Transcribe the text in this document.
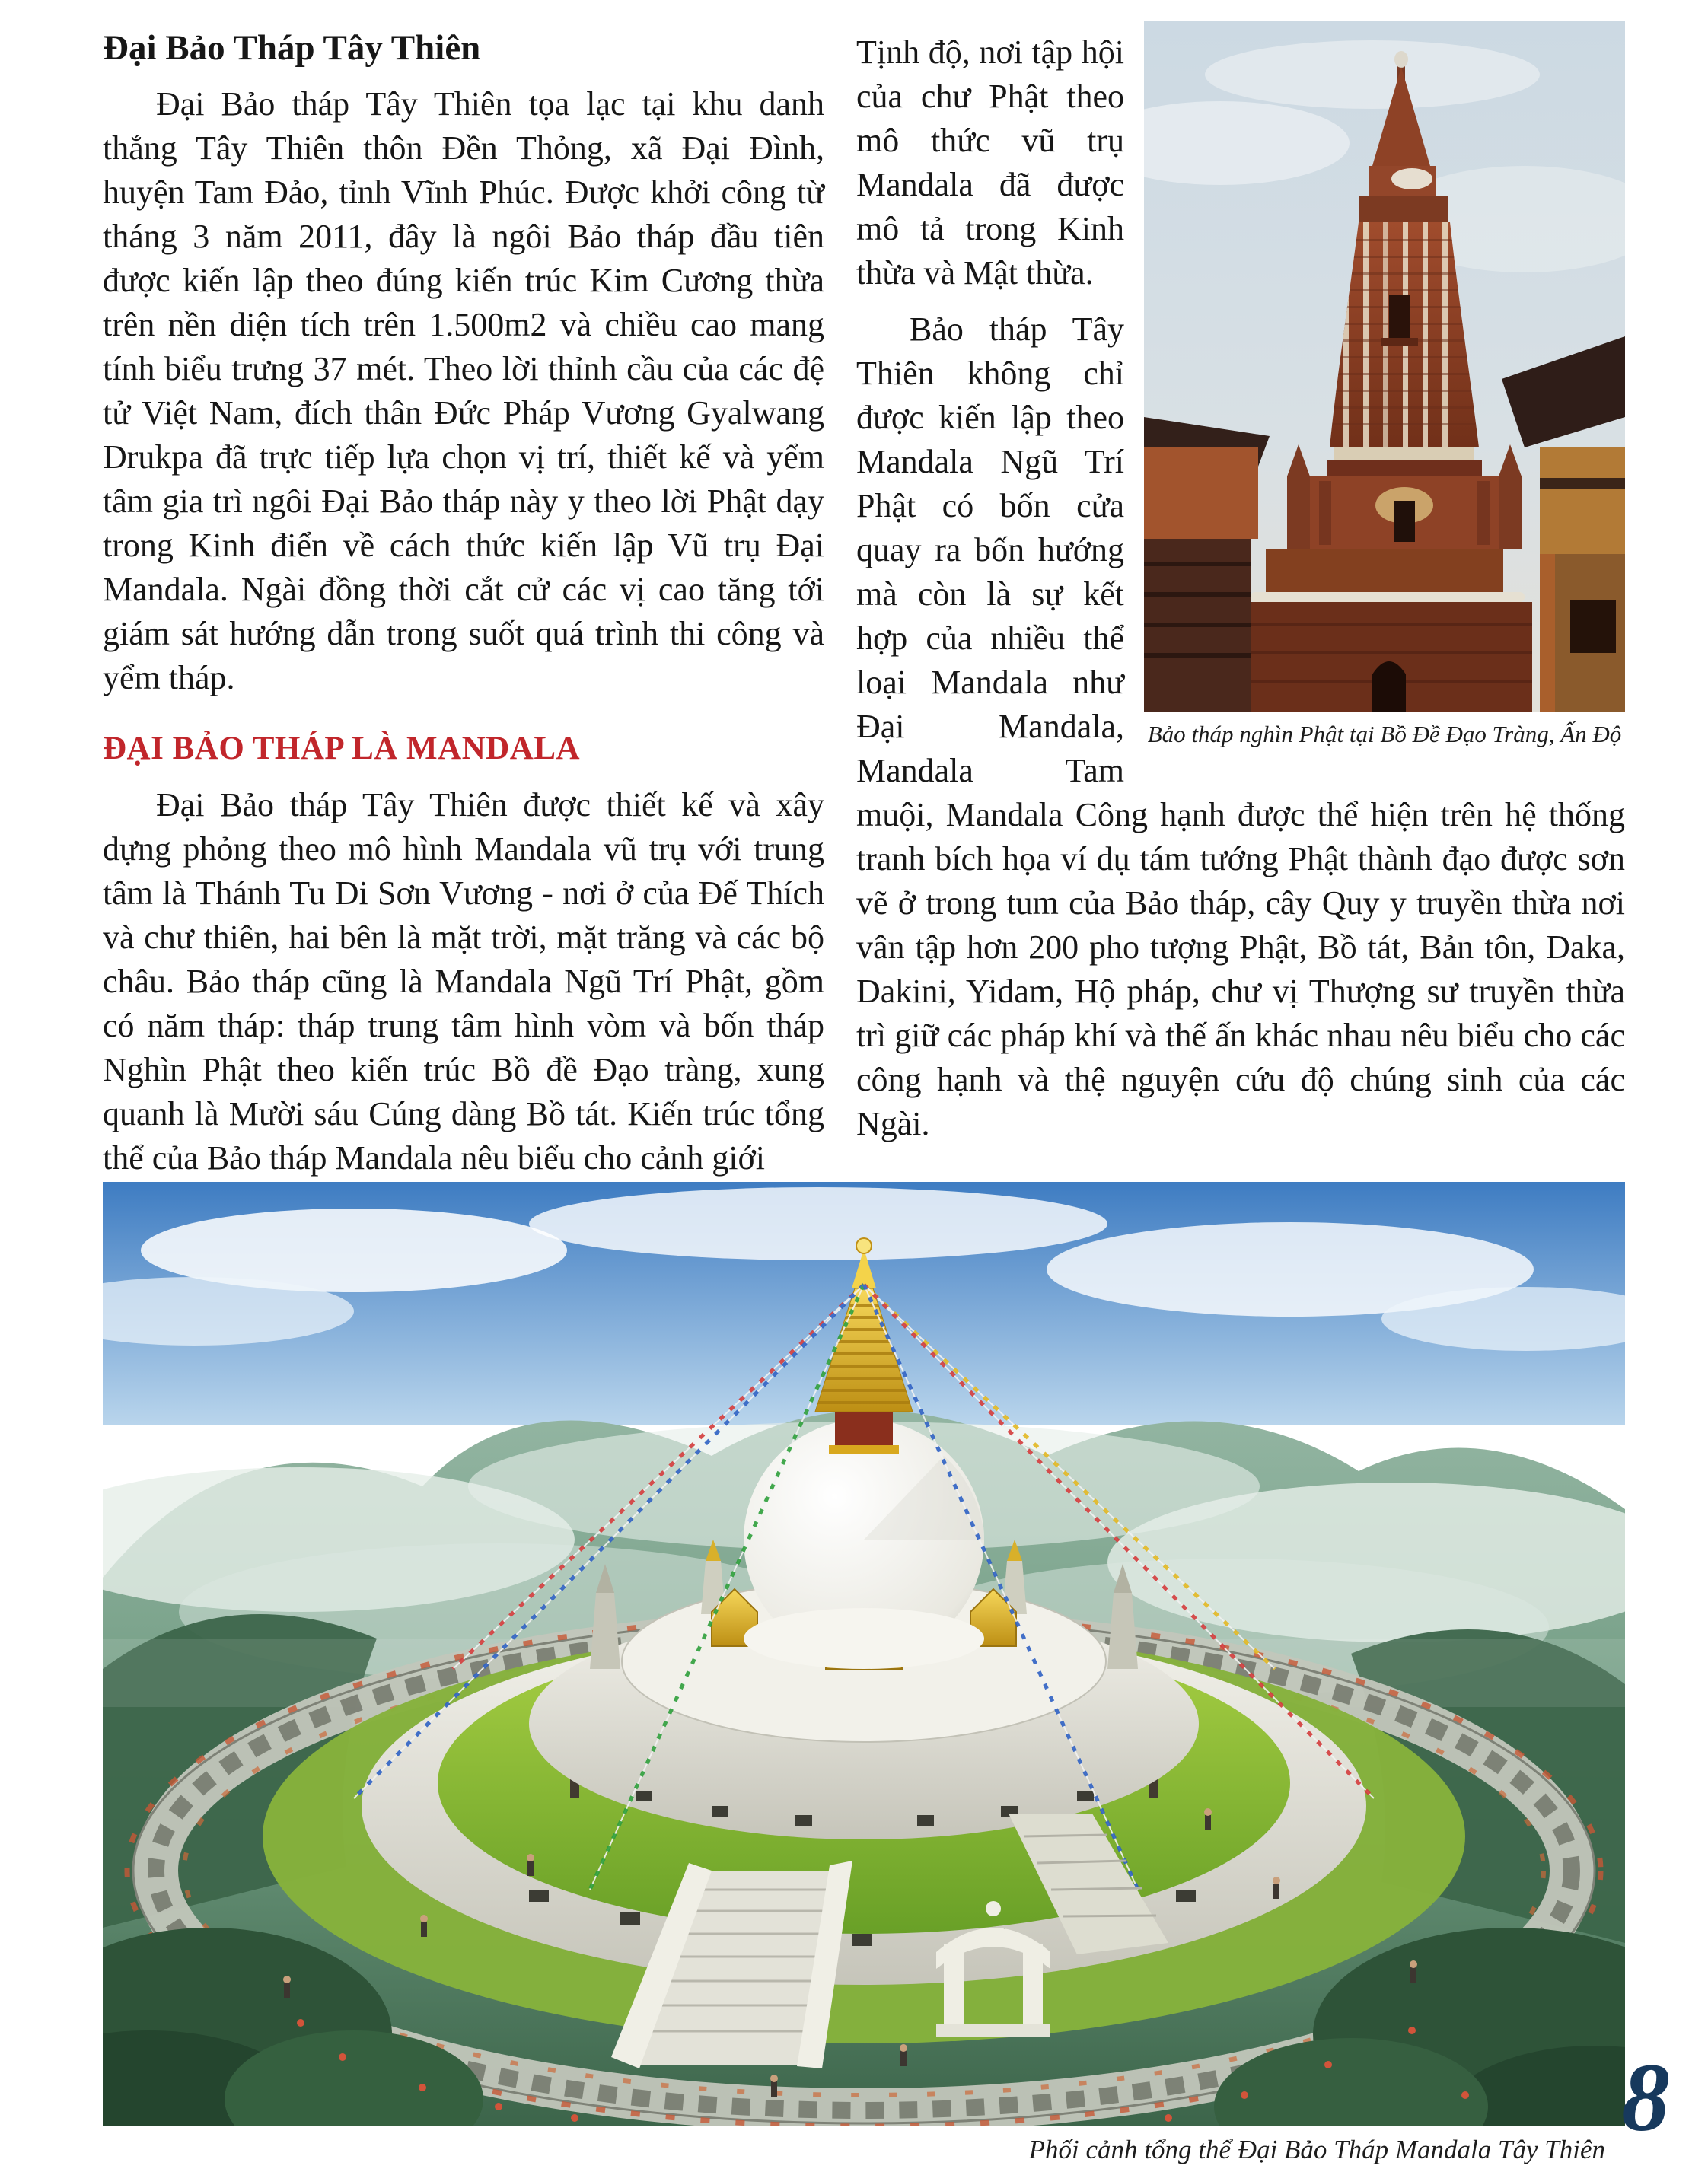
Đại Bảo Tháp Tây Thiên

Đại Bảo tháp Tây Thiên tọa lạc tại khu danh thắng Tây Thiên thôn Đền Thỏng, xã Đại Đình, huyện Tam Đảo, tỉnh Vĩnh Phúc. Được khởi công từ tháng 3 năm 2011, đây là ngôi Bảo tháp đầu tiên được kiến lập theo đúng kiến trúc Kim Cương thừa trên nền diện tích trên 1.500m2 và chiều cao mang tính biểu trưng 37 mét. Theo lời thỉnh cầu của các đệ tử Việt Nam, đích thân Đức Pháp Vương Gyalwang Drukpa đã trực tiếp lựa chọn vị trí, thiết kế và yểm tâm gia trì ngôi Đại Bảo tháp này y theo lời Phật dạy trong Kinh điển về cách thức kiến lập Vũ trụ Đại Mandala. Ngài đồng thời cắt cử các vị cao tăng tới giám sát hướng dẫn trong suốt quá trình thi công và yểm tháp.

ĐẠI BẢO THÁP LÀ MANDALA

Đại Bảo tháp Tây Thiên được thiết kế và xây dựng phỏng theo mô hình Mandala vũ trụ với trung tâm là Thánh Tu Di Sơn Vương - nơi ở của Đế Thích và chư thiên, hai bên là mặt trời, mặt trăng và các bộ châu. Bảo tháp cũng là Mandala Ngũ Trí Phật, gồm có năm tháp: tháp trung tâm hình vòm và bốn tháp Nghìn Phật theo kiến trúc Bồ đề Đạo tràng, xung quanh là Mười sáu Cúng dàng Bồ tát. Kiến trúc tổng thể của Bảo tháp Mandala nêu biểu cho cảnh giới

Bảo tháp nghìn Phật tại Bồ Đề Đạo Tràng, Ấn Độ

Tịnh độ, nơi tập hội của chư Phật theo mô thức vũ trụ Mandala đã được mô tả trong Kinh thừa và Mật thừa.

Bảo tháp Tây Thiên không chỉ được kiến lập theo Mandala Ngũ Trí Phật có bốn cửa quay ra bốn hướng mà còn là sự kết hợp của nhiều thể loại Mandala như Đại Mandala, Mandala Tam muội, Mandala Công hạnh được thể hiện trên hệ thống tranh bích họa ví dụ tám tướng Phật thành đạo được sơn vẽ ở trong tum của Bảo tháp, cây Quy y truyền thừa nơi vân tập hơn 200 pho tượng Phật, Bồ tát, Bản tôn, Daka, Dakini, Yidam, Hộ pháp, chư vị Thượng sư truyền thừa trì giữ các pháp khí và thế ấn khác nhau nêu biểu cho các công hạnh và thệ nguyện cứu độ chúng sinh của các Ngài.

Phối cảnh tổng thể Đại Bảo Tháp Mandala Tây Thiên 8
